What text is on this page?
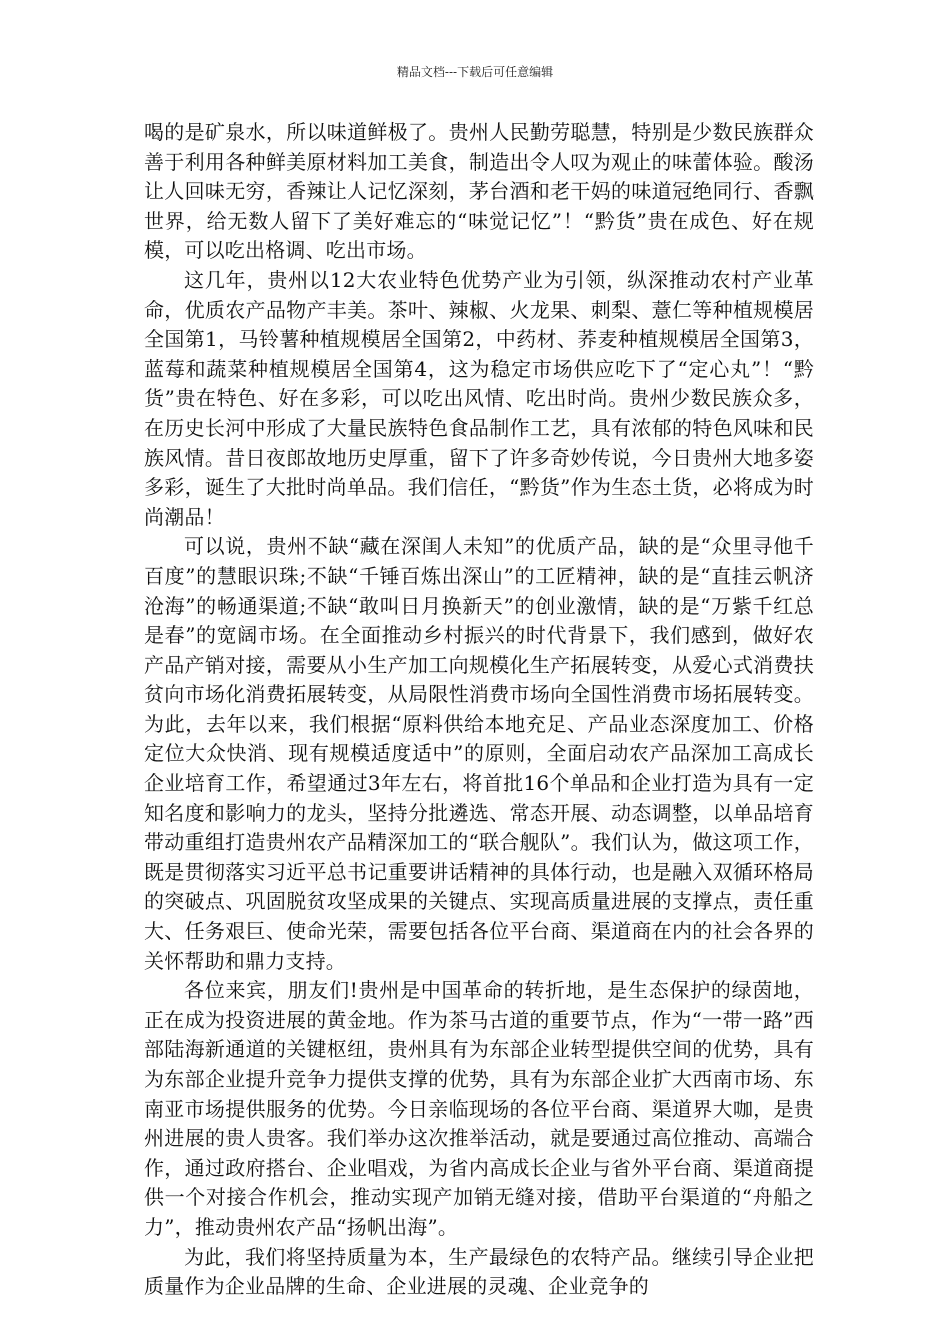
精品文档---下载后可任意编辑

喝的是矿泉水，所以味道鲜极了。贵州人民勤劳聪慧，特别是少数民族群众善于利用各种鲜美原材料加工美食，制造出令人叹为观止的味蕾体验。酸汤让人回味无穷，香辣让人记忆深刻，茅台酒和老干妈的味道冠绝同行、香飘世界，给无数人留下了美好难忘的“味觉记忆”！“黔货”贵在成色、好在规模，可以吃出格调、吃出市场。

这几年，贵州以12大农业特色优势产业为引领，纵深推动农村产业革命，优质农产品物产丰美。茶叶、辣椒、火龙果、刺梨、薏仁等种植规模居全国第1，马铃薯种植规模居全国第2，中药材、荞麦种植规模居全国第3，蓝莓和蔬菜种植规模居全国第4，这为稳定市场供应吃下了“定心丸”！“黔货”贵在特色、好在多彩，可以吃出风情、吃出时尚。贵州少数民族众多，在历史长河中形成了大量民族特色食品制作工艺，具有浓郁的特色风味和民族风情。昔日夜郎故地历史厚重，留下了许多奇妙传说，今日贵州大地多姿多彩，诞生了大批时尚单品。我们信任，“黔货”作为生态土货，必将成为时尚潮品！

可以说，贵州不缺“藏在深闺人未知”的优质产品，缺的是“众里寻他千百度”的慧眼识珠;不缺“千锤百炼出深山”的工匠精神，缺的是“直挂云帆济沧海”的畅通渠道;不缺“敢叫日月换新天”的创业激情，缺的是“万紫千红总是春”的宽阔市场。在全面推动乡村振兴的时代背景下，我们感到，做好农产品产销对接，需要从小生产加工向规模化生产拓展转变，从爱心式消费扶贫向市场化消费拓展转变，从局限性消费市场向全国性消费市场拓展转变。为此，去年以来，我们根据“原料供给本地充足、产品业态深度加工、价格定位大众快消、现有规模适度适中”的原则，全面启动农产品深加工高成长企业培育工作，希望通过3年左右，将首批16个单品和企业打造为具有一定知名度和影响力的龙头，坚持分批遴选、常态开展、动态调整，以单品培育带动重组打造贵州农产品精深加工的“联合舰队”。我们认为，做这项工作，既是贯彻落实习近平总书记重要讲话精神的具体行动，也是融入双循环格局的突破点、巩固脱贫攻坚成果的关键点、实现高质量进展的支撑点，责任重大、任务艰巨、使命光荣，需要包括各位平台商、渠道商在内的社会各界的关怀帮助和鼎力支持。

各位来宾，朋友们!贵州是中国革命的转折地，是生态保护的绿茵地，正在成为投资进展的黄金地。作为茶马古道的重要节点，作为“一带一路”西部陆海新通道的关键枢纽，贵州具有为东部企业转型提供空间的优势，具有为东部企业提升竞争力提供支撑的优势，具有为东部企业扩大西南市场、东南亚市场提供服务的优势。今日亲临现场的各位平台商、渠道界大咖，是贵州进展的贵人贵客。我们举办这次推举活动，就是要通过高位推动、高端合作，通过政府搭台、企业唱戏，为省内高成长企业与省外平台商、渠道商提供一个对接合作机会，推动实现产加销无缝对接，借助平台渠道的“舟船之力”，推动贵州农产品“扬帆出海”。

为此，我们将坚持质量为本，生产最绿色的农特产品。继续引导企业把质量作为企业品牌的生命、企业进展的灵魂、企业竞争的
